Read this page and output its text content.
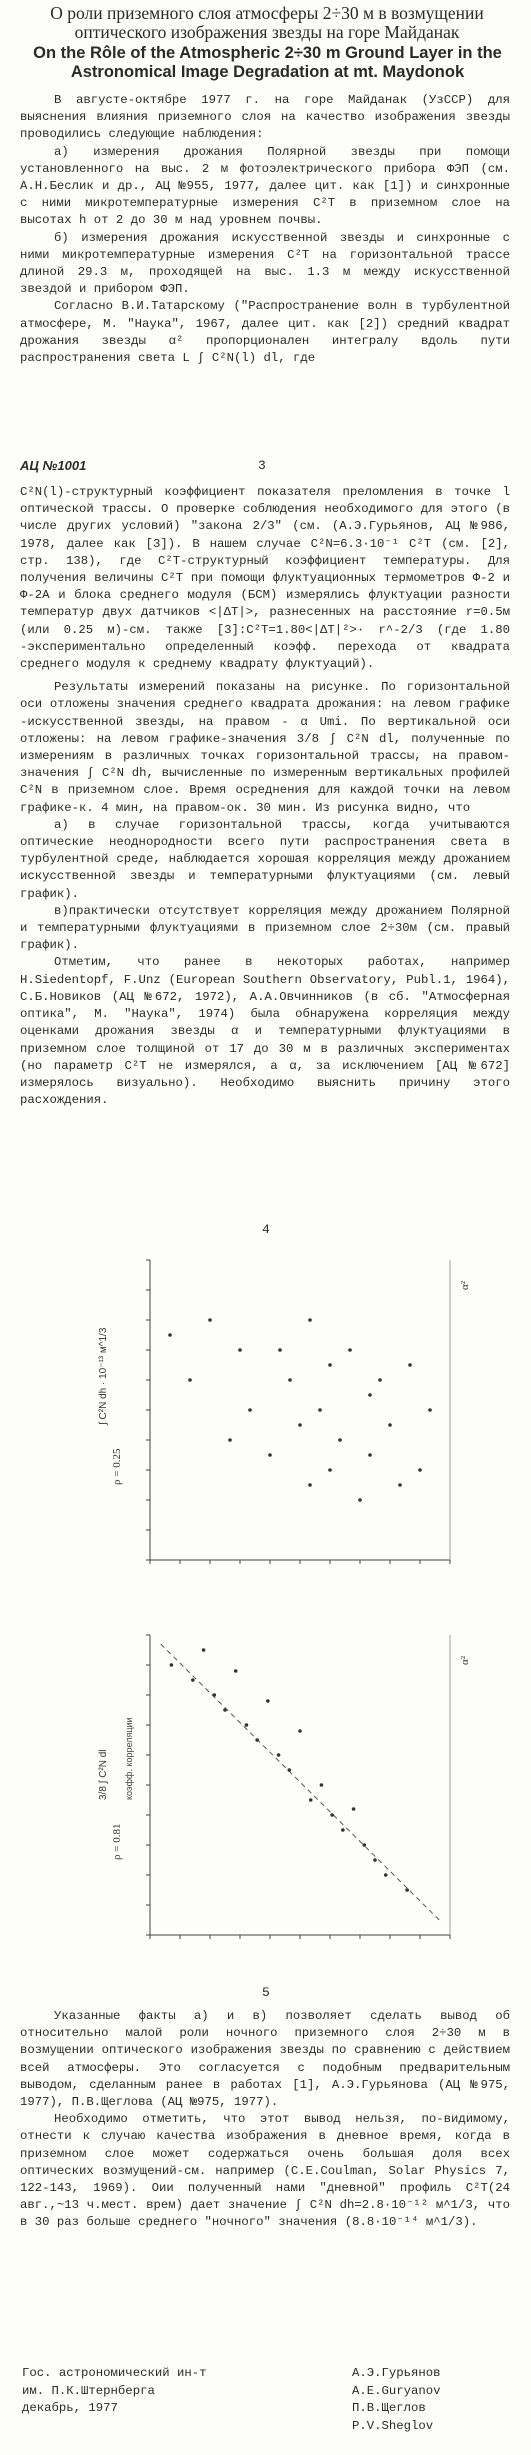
О роли приземного слоя атмосферы 2÷30 м в возмущении оптического изображения звезды на горе Майданак
On the Rôle of the Atmospheric 2÷30 m Ground Layer in the Astronomical Image Degradation at mt. Maydonok

В августе-октябре 1977 г. на горе Майданак (УзССР) для выяснения влияния приземного слоя на качество изображения звезды проводились следующие наблюдения:

а) измерения дрожания Полярной звезды при помощи установленного на выс. 2 м фотоэлектрического прибора ФЭП (см. А.Н.Беслик и др., АЦ №955, 1977, далее цит. как [1]) и синхронные с ними микротемпературные измерения C²T в приземном слое на высотах h от 2 до 30 м над уровнем почвы.

б) измерения дрожания искусственной звезды и синхронные с ними микротемпературные измерения C²T на горизонтальной трассе длиной 29.3 м, проходящей на выс. 1.3 м между искусственной звездой и прибором ФЭП.

Согласно В.И.Татарскому ("Распространение волн в турбулентной атмосфере, М. "Наука", 1967, далее цит. как [2]) средний квадрат дрожания звезды α² пропорционален интегралу вдоль пути распространения света L ∫ C²N(l) dl, где

АЦ №1001	3

C²N(l)-структурный коэффициент показателя преломления в точке l оптической трассы. О проверке соблюдения необходимого для этого (в числе других условий) "закона 2/3" (см. (А.Э.Гурьянов, АЦ №986, 1978, далее как [3]). В нашем случае C²N=6.3·10⁻¹ C²T (см. [2], стр. 138), где C²T-структурный коэффициент температуры. Для получения величины C²T при помощи флуктуационных термометров Ф-2 и Ф-2А и блока среднего модуля (БСМ) измерялись флуктуации разности температур двух датчиков <|ΔT|>, разнесенных на расстояние r=0.5м (или 0.25 м)-см. также [3]:C²T=1.80<|ΔT|²>· r^-2/3 (где 1.80 -экспериментально определенный коэфф. перехода от квадрата среднего модуля к среднему квадрату флуктуаций).

Результаты измерений показаны на рисунке. По горизонтальной оси отложены значения среднего квадрата дрожания: на левом графике -искусственной звезды, на правом - α Umi. По вертикальной оси отложены: на левом графике-значения 3/8 ∫ C²N dl, полученные по измерениям в различных точках горизонтальной трассы, на правом-значения ∫ C²N dh, вычисленные по измеренным вертикальных профилей C²N в приземном слое. Время осреднения для каждой точки на левом графике-к. 4 мин, на правом-ок. 30 мин. Из рисунка видно, что

а) в случае горизонтальной трассы, когда учитываются оптические неоднородности всего пути распространения света в турбулентной среде, наблюдается хорошая корреляция между дрожанием искусственной звезды и температурными флуктуациями (см. левый график).

в)практически отсутствует корреляция между дрожанием Полярной и температурными флуктуациями в приземном слое 2÷30м (см. правый график).

Отметим, что ранее в некоторых работах, например H.Siedentopf, F.Unz (European Southern Observatory, Publ.1, 1964), С.Б.Новиков (АЦ №672, 1972), А.А.Овчинников (в сб. "Атмосферная оптика", М. "Наука", 1974) была обнаружена корреляция между оценками дрожания звезды α и температурными флуктуациями в приземном слое толщиной от 17 до 30 м в различных экспериментах (но параметр C²T не измерялся, а α, за исключением [АЦ №672] измерялось визуально). Необходимо выяснить причину этого расхождения.

4
ρ = 0.25
∫ C²N dh · 10⁻¹³ м^1/3
α²
ρ = 0.81
3/8 ∫ C²N dl
α²
коэфф. корреляции
5

Указанные факты а) и в) позволяет сделать вывод об относительно малой роли ночного приземного слоя 2÷30 м в возмущении оптического изображения звезды по сравнению с действием всей атмосферы. Это согласуется с подобным предварительным выводом, сделанным ранее в работах [1], А.Э.Гурьянова (АЦ №975, 1977), П.В.Щеглова (АЦ №975, 1977).

Необходимо отметить, что этот вывод нельзя, по-видимому, отнести к случаю качества изображения в дневное время, когда в приземном слое может содержаться очень большая доля всех оптических возмущений-см. например (C.E.Coulman, Solar Physics 7, 122-143, 1969). Оии полученный нами "дневной" профиль C²T(24 авг.,~13 ч.мест. врем) дает значение ∫ C²N dh=2.8·10⁻¹² м^1/3, что в 30 раз больше среднего "ночного" значения (8.8·10⁻¹⁴ м^1/3).

Гос. астрономический ин-т
им. П.К.Штернберга
декабрь, 1977
А.Э.Гурьянов
A.E.Guryanov
П.В.Щеглов
P.V.Sheglov
